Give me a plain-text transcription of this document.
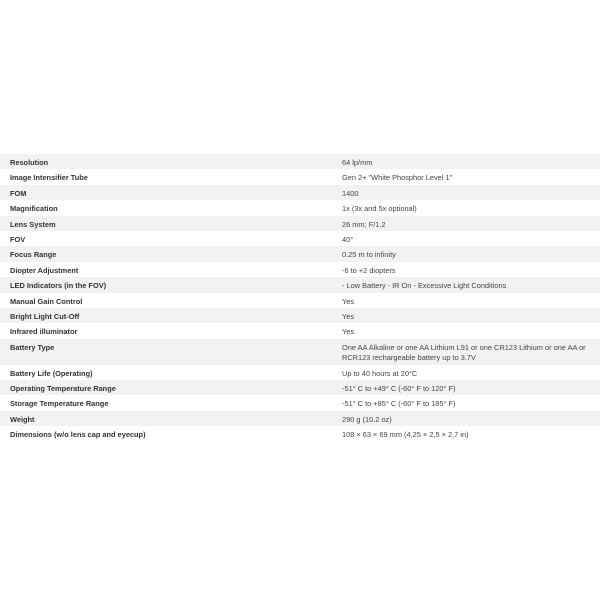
Resolution	64 lp/mm
Image Intensifier Tube	Gen 2+ "White Phosphor Level 1"
FOM	1400
Magnification	1x (3x and 5x optional)
Lens System	26 mm; F/1.2
FOV	40°
Focus Range	0.25 m to infinity
Diopter Adjustment	-6 to +2 diopters
LED Indicators (in the FOV)	- Low Battery - IR On - Excessive Light Conditions
Manual Gain Control	Yes
Bright Light Cut-Off	Yes
Infrared illuminator	Yes
Battery Type	One AA Alkaline or one AA Lithium L91 or one CR123 Lithium or one AA or RCR123 rechargeable battery up to 3.7V
Battery Life (Operating)	Up to 40 hours at 20°C
Operating Temperature Range	-51° C to +49° C (-60° F to 120° F)
Storage Temperature Range	-51° C to +85° C (-60° F to 185° F)
Weight	290 g (10.2 oz)
Dimensions (w/o lens cap and eyecup)	108 × 63 × 69 mm (4,25 × 2,5 × 2,7 in)
